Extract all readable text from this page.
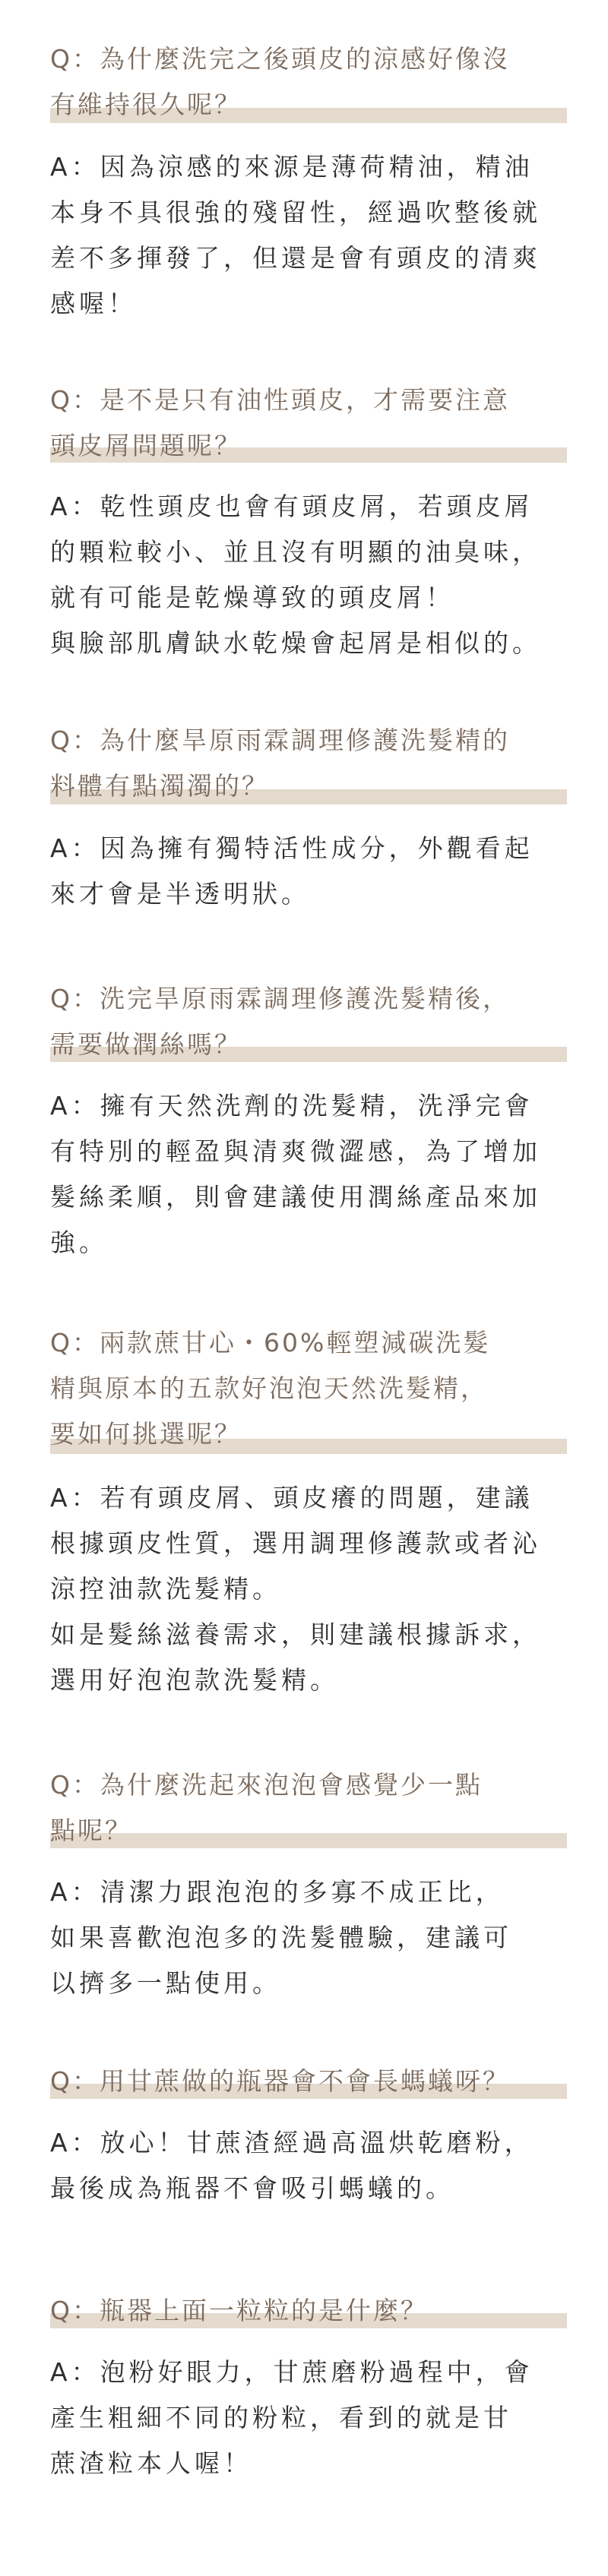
Q：為什麼洗完之後頭皮的涼感好像沒
有維持很久呢？

A：因為涼感的來源是薄荷精油，精油
本身不具很強的殘留性，經過吹整後就
差不多揮發了，但還是會有頭皮的清爽
感喔！

Q：是不是只有油性頭皮，才需要注意
頭皮屑問題呢？

A：乾性頭皮也會有頭皮屑，若頭皮屑
的顆粒較小、並且沒有明顯的油臭味，
就有可能是乾燥導致的頭皮屑！
與臉部肌膚缺水乾燥會起屑是相似的。

Q：為什麼旱原雨霖調理修護洗髮精的
料體有點濁濁的？

A：因為擁有獨特活性成分，外觀看起
來才會是半透明狀。

Q：洗完旱原雨霖調理修護洗髮精後，
需要做潤絲嗎？

A：擁有天然洗劑的洗髮精，洗淨完會
有特別的輕盈與清爽微澀感，為了增加
髮絲柔順，則會建議使用潤絲產品來加
強。

Q：兩款蔗甘心・60%輕塑減碳洗髮
精與原本的五款好泡泡天然洗髮精，
要如何挑選呢？

A：若有頭皮屑、頭皮癢的問題，建議
根據頭皮性質，選用調理修護款或者沁
涼控油款洗髮精。
如是髮絲滋養需求，則建議根據訴求，
選用好泡泡款洗髮精。

Q：為什麼洗起來泡泡會感覺少一點
點呢？

A：清潔力跟泡泡的多寡不成正比，
如果喜歡泡泡多的洗髮體驗，建議可
以擠多一點使用。

Q：用甘蔗做的瓶器會不會長螞蟻呀？

A：放心！甘蔗渣經過高溫烘乾磨粉，
最後成為瓶器不會吸引螞蟻的。

Q：瓶器上面一粒粒的是什麼？

A：泡粉好眼力，甘蔗磨粉過程中，會
產生粗細不同的粉粒，看到的就是甘
蔗渣粒本人喔！
